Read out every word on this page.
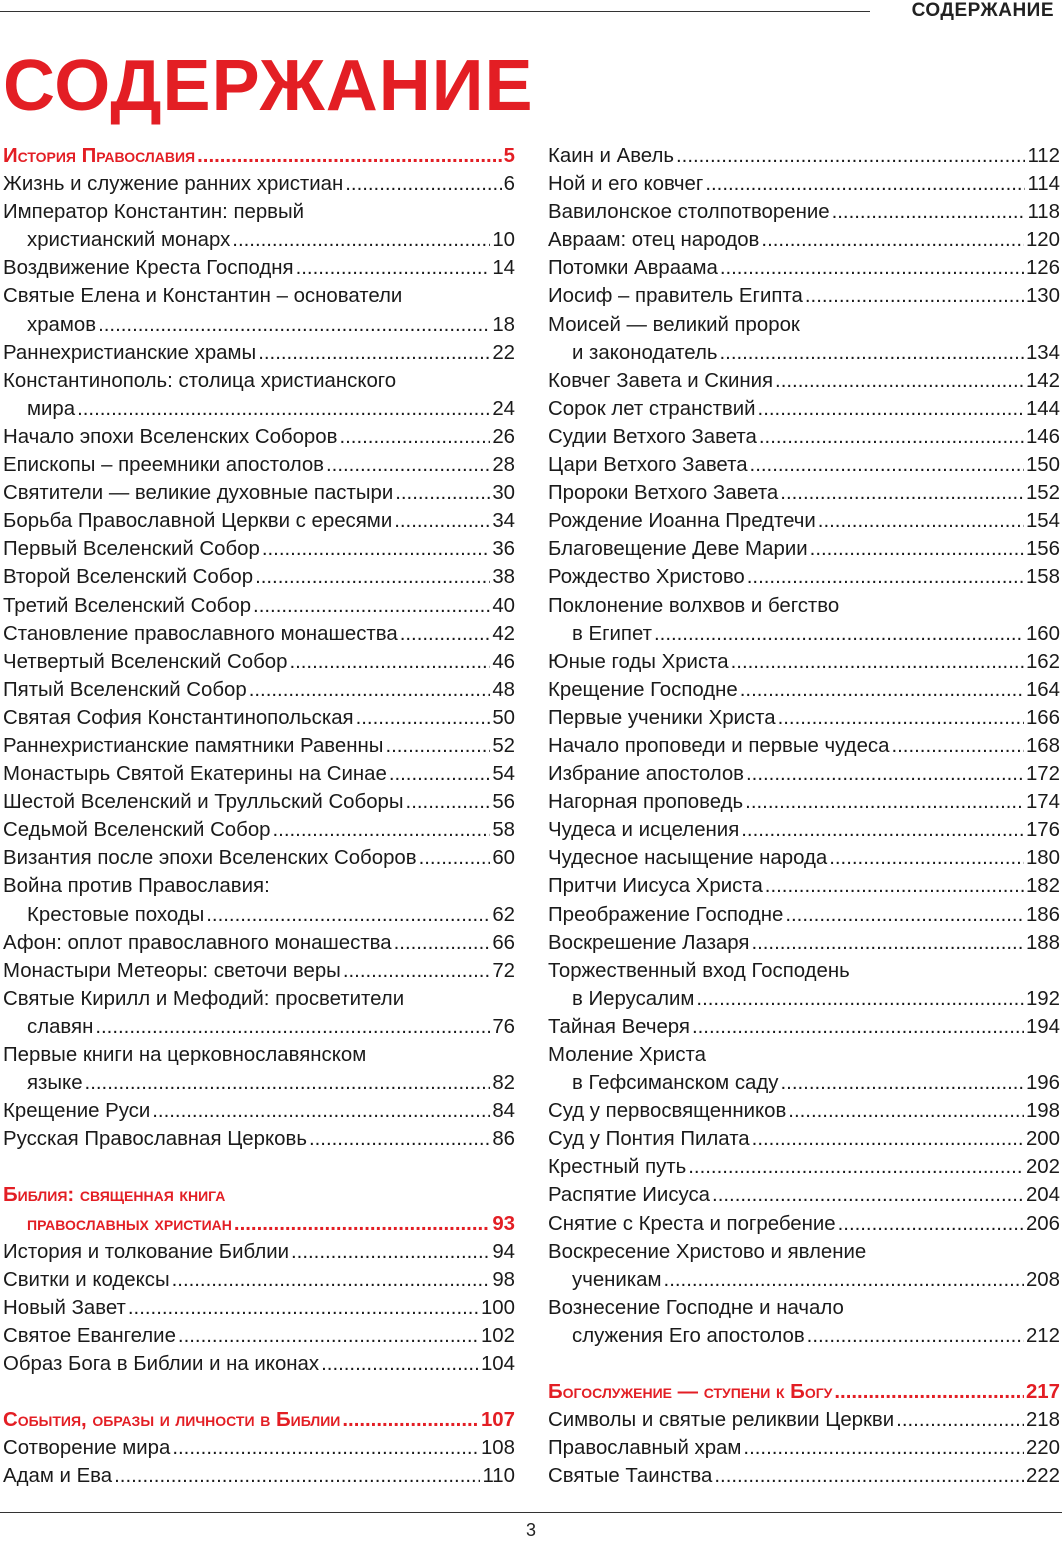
СОДЕРЖАНИЕ
СОДЕРЖАНИЕ
История Православия .....	5
Жизнь и служение ранних христиан .....	6
Император Константин: первый
христианский монарх .....	10
Воздвижение Креста Господня .....	14
Святые Елена и Константин – основатели
храмов .....	18
Раннехристианские храмы .....	22
Константинополь: столица христианского
мира .....	24
Начало эпохи Вселенских Соборов .....	26
Епископы – преемники апостолов .....	28
Святители — великие духовные пастыри .....	30
Борьба Православной Церкви с ересями .....	34
Первый Вселенский Собор .....	36
Второй Вселенский Собор .....	38
Третий Вселенский Собор .....	40
Становление православного монашества .....	42
Четвертый Вселенский Собор .....	46
Пятый Вселенский Собор .....	48
Святая София Константинопольская .....	50
Раннехристианские памятники Равенны .....	52
Монастырь Святой Екатерины на Синае .....	54
Шестой Вселенский и Трулльский Соборы .....	56
Седьмой Вселенский Собор .....	58
Византия после эпохи Вселенских Соборов .....	60
Война против Православия:
Крестовые походы .....	62
Афон: оплот православного монашества .....	66
Монастыри Метеоры: светочи веры .....	72
Святые Кирилл и Мефодий: просветители
славян .....	76
Первые книги на церковнославянском
языке .....	82
Крещение Руси .....	84
Русская Православная Церковь .....	86
Библия: священная книга
православных христиан .....	93
История и толкование Библии .....	94
Свитки и кодексы .....	98
Новый Завет .....	100
Святое Евангелие .....	102
Образ Бога в Библии и на иконах .....	104
События, образы и личности в Библии .....	107
Сотворение мира .....	108
Адам и Ева .....	110
Каин и Авель .....	112
Ной и его ковчег .....	114
Вавилонское столпотворение .....	118
Авраам: отец народов .....	120
Потомки Авраама .....	126
Иосиф – правитель Египта .....	130
Моисей — великий пророк
и законодатель .....	134
Ковчег Завета и Скиния .....	142
Сорок лет странствий .....	144
Судии Ветхого Завета .....	146
Цари Ветхого Завета .....	150
Пророки Ветхого Завета .....	152
Рождение Иоанна Предтечи .....	154
Благовещение Деве Марии .....	156
Рождество Христово .....	158
Поклонение волхвов и бегство
в Египет .....	160
Юные годы Христа .....	162
Крещение Господне .....	164
Первые ученики Христа .....	166
Начало проповеди и первые чудеса .....	168
Избрание апостолов .....	172
Нагорная проповедь .....	174
Чудеса и исцеления .....	176
Чудесное насыщение народа .....	180
Притчи Иисуса Христа .....	182
Преображение Господне .....	186
Воскрешение Лазаря .....	188
Торжественный вход Господень
в Иерусалим .....	192
Тайная Вечеря .....	194
Моление Христа
в Гефсиманском саду .....	196
Суд у первосвященников .....	198
Суд у Понтия Пилата .....	200
Крестный путь .....	202
Распятие Иисуса .....	204
Снятие с Креста и погребение .....	206
Воскресение Христово и явление
ученикам .....	208
Вознесение Господне и начало
служения Его апостолов .....	212
Богослужение — ступени к Богу .....	217
Символы и святые реликвии Церкви .....	218
Православный храм .....	220
Святые Таинства .....	222
3
